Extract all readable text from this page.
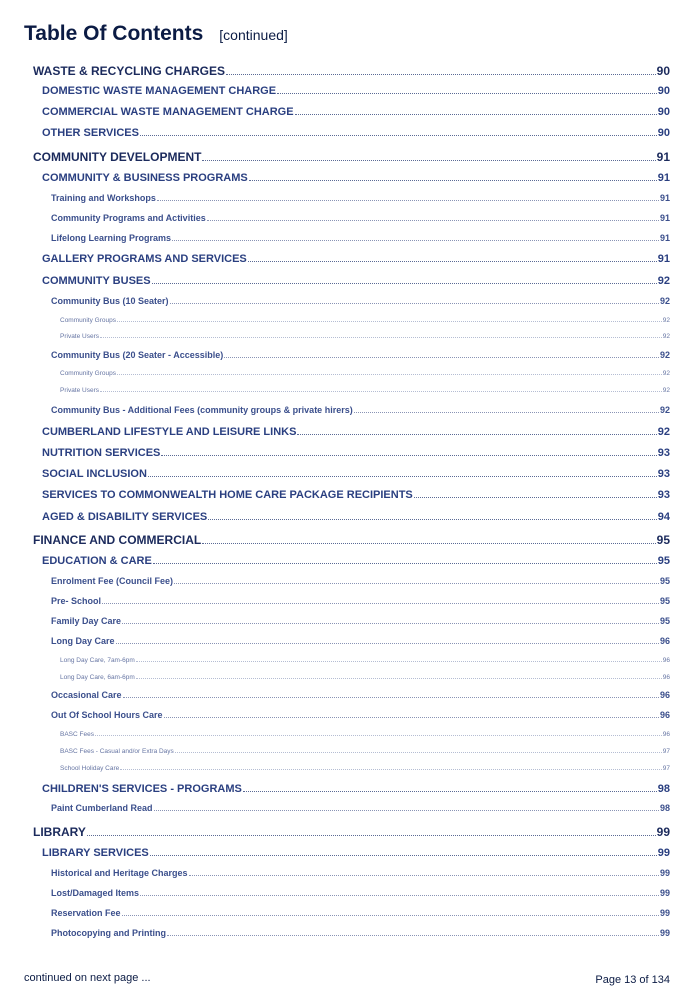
Table Of Contents [continued]
WASTE & RECYCLING CHARGES	90
DOMESTIC WASTE MANAGEMENT CHARGE	90
COMMERCIAL WASTE MANAGEMENT CHARGE	90
OTHER SERVICES	90
COMMUNITY DEVELOPMENT	91
COMMUNITY & BUSINESS PROGRAMS	91
Training and Workshops	91
Community Programs and Activities	91
Lifelong Learning Programs	91
GALLERY PROGRAMS AND SERVICES	91
COMMUNITY BUSES	92
Community Bus (10 Seater)	92
Community Groups	92
Private Users	92
Community Bus (20 Seater - Accessible)	92
Community Groups	92
Private Users	92
Community Bus - Additional Fees (community groups & private hirers)	92
CUMBERLAND LIFESTYLE AND LEISURE LINKS	92
NUTRITION SERVICES	93
SOCIAL INCLUSION	93
SERVICES TO COMMONWEALTH HOME CARE PACKAGE RECIPIENTS	93
AGED & DISABILITY SERVICES	94
FINANCE AND COMMERCIAL	95
EDUCATION & CARE	95
Enrolment Fee (Council Fee)	95
Pre- School	95
Family Day Care	95
Long Day Care	96
Long Day Care, 7am-6pm	96
Long Day Care, 6am-6pm	96
Occasional Care	96
Out Of School Hours Care	96
BASC Fees	96
BASC Fees - Casual and/or Extra Days	97
School Holiday Care	97
CHILDREN'S SERVICES - PROGRAMS	98
Paint Cumberland Read	98
LIBRARY	99
LIBRARY SERVICES	99
Historical and Heritage Charges	99
Lost/Damaged Items	99
Reservation Fee	99
Photocopying and Printing	99
continued on next page ...	Page 13 of 134
